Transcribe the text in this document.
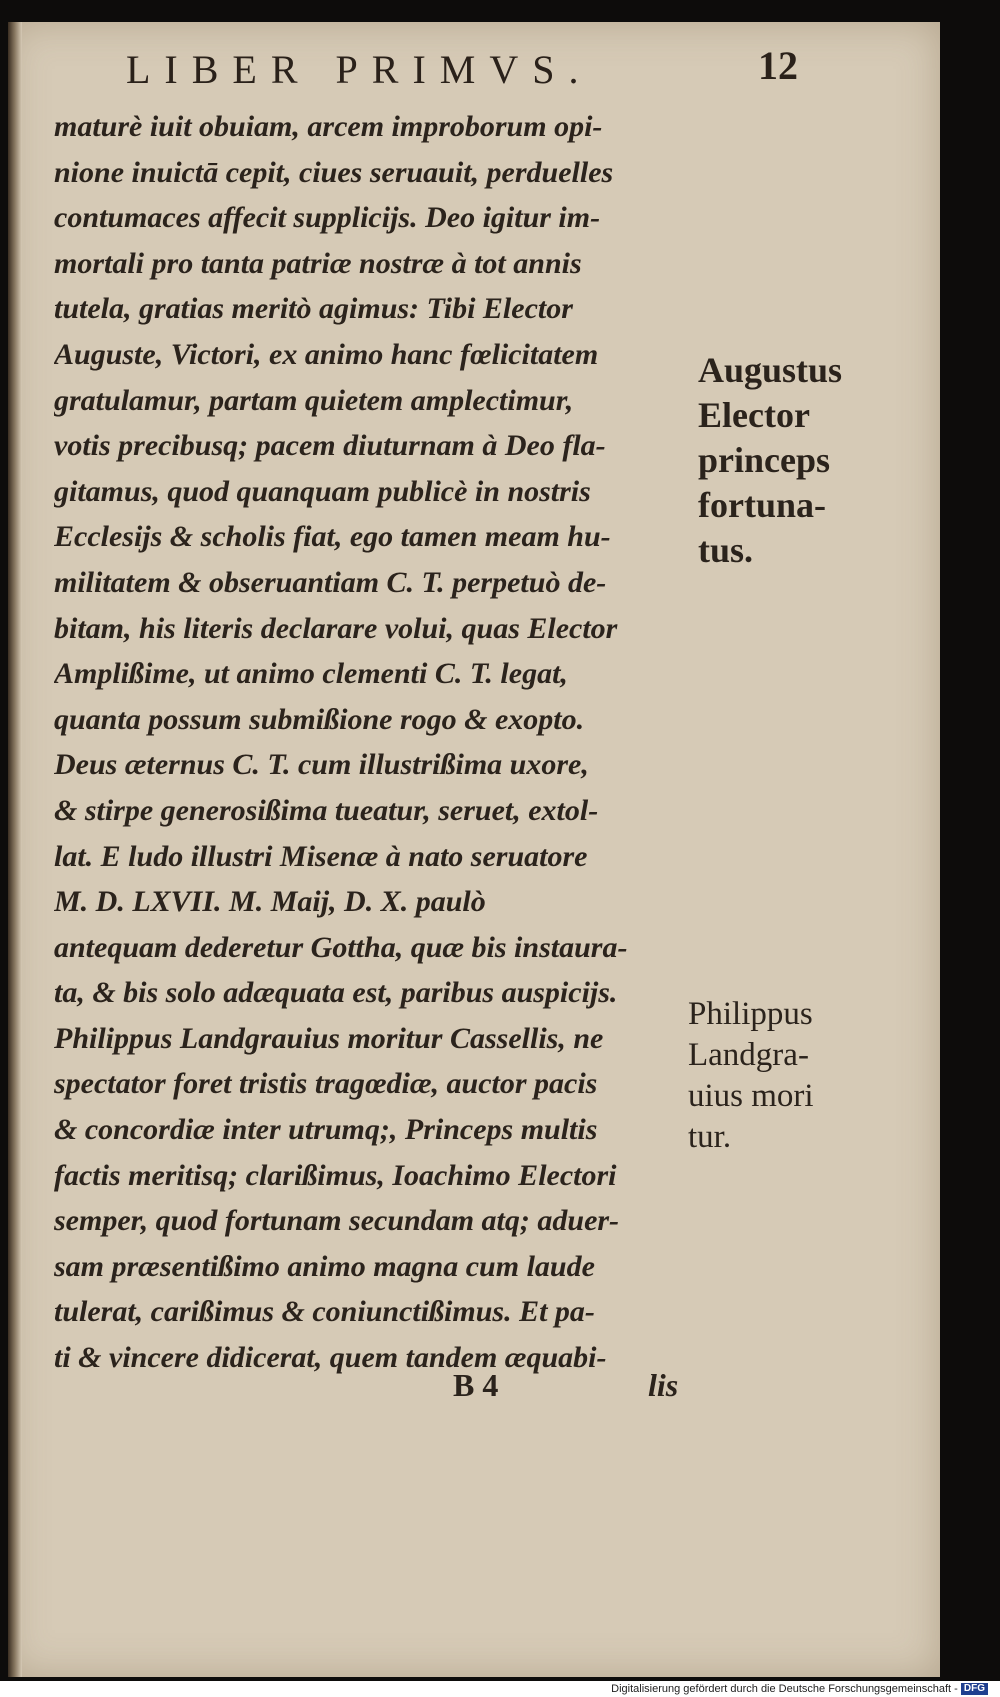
LIBER PRIMVS.	12
maturè iuit obuiam, arcem improborum opi-
nione inuictā cepit, ciues seruauit, perduelles
contumaces affecit supplicijs. Deo igitur im-
mortali pro tanta patriæ nostræ à tot annis
tutela, gratias meritò agimus: Tibi Elector
Auguste, Victori, ex animo hanc fœlicitatem
gratulamur, partam quietem amplectimur,
votis precibusq; pacem diuturnam à Deo fla-
gitamus, quod quanquam publicè in nostris
Ecclesijs & scholis fiat, ego tamen meam hu-
militatem & obseruantiam C. T. perpetuò de-
bitam, his literis declarare volui, quas Elector
Amplißime, ut animo clementi C. T. legat,
quanta possum submißione rogo & exopto.
Deus æternus C. T. cum illustrißima uxore,
& stirpe generosißima tueatur, seruet, extol-
lat. E ludo illustri Misenæ à nato seruatore
M. D. LXVII. M. Maij, D. X. paulò
antequam dederetur Gottha, quæ bis instaura-
ta, & bis solo adæquata est, paribus auspicijs.
Philippus Landgrauius moritur Cassellis, ne
spectator foret tristis tragœdiæ, auctor pacis
& concordiæ inter utrumq;, Princeps multis
factis meritisq; clarißimus, Ioachimo Electori
semper, quod fortunam secundam atq; aduer-
sam præsentißimo animo magna cum laude
tulerat, carißimus & coniunctißimus. Et pa-
ti & vincere didicerat, quem tandem æquabi-
B 4	lis
Augustus
Elector
princeps
fortuna-
tus.
Philippus
Landgra-
uius mori
tur.
Digitalisierung gefördert durch die Deutsche Forschungsgemeinschaft - DFG
